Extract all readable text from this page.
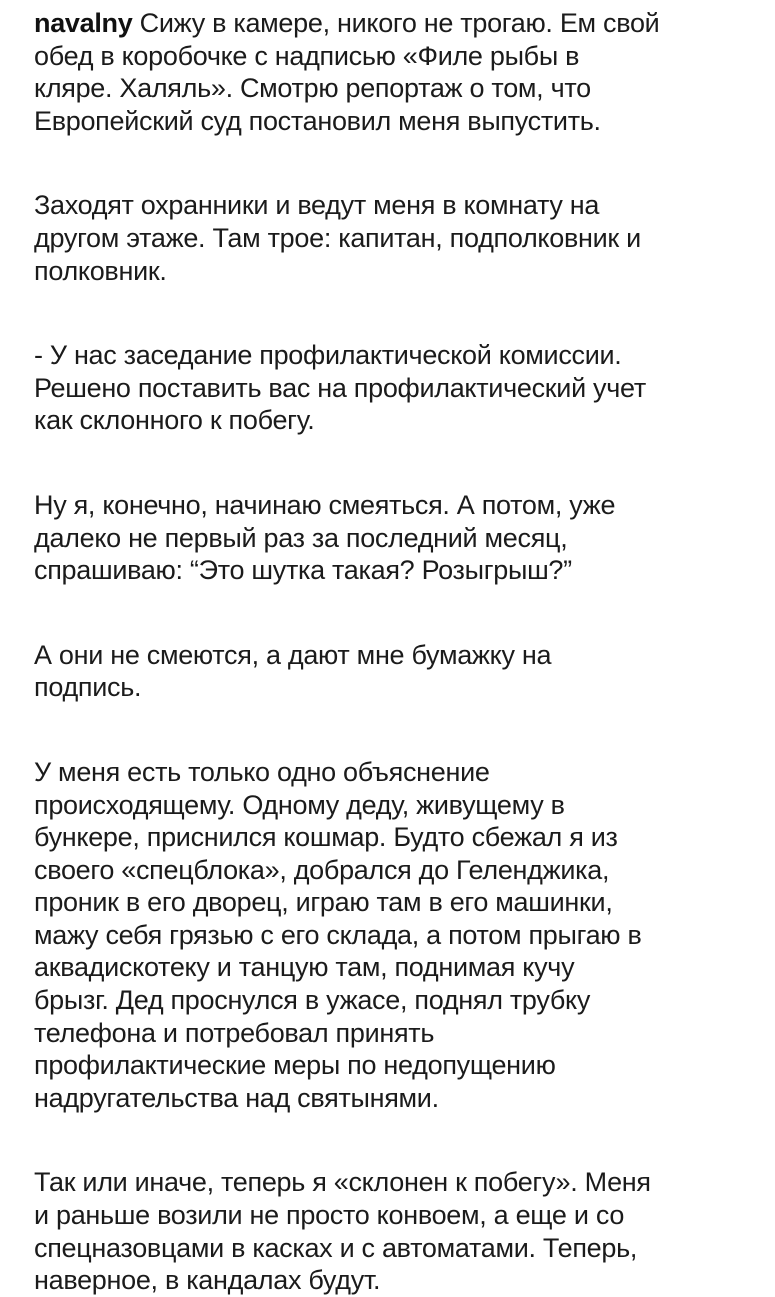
navalny Сижу в камере, никого не трогаю. Ем свой
обед в коробочке с надписью «Филе рыбы в
кляре. Халяль». Смотрю репортаж о том, что
Европейский суд постановил меня выпустить.

Заходят охранники и ведут меня в комнату на
другом этаже. Там трое: капитан, подполковник и
полковник.

- У нас заседание профилактической комиссии.
Решено поставить вас на профилактический учет
как склонного к побегу.

Ну я, конечно, начинаю смеяться. А потом, уже
далеко не первый раз за последний месяц,
спрашиваю: “Это шутка такая? Розыгрыш?”

А они не смеются, а дают мне бумажку на
подпись.

У меня есть только одно объяснение
происходящему. Одному деду, живущему в
бункере, приснился кошмар. Будто сбежал я из
своего «спецблока», добрался до Геленджика,
проник в его дворец, играю там в его машинки,
мажу себя грязью с его склада, а потом прыгаю в
аквадискотеку и танцую там, поднимая кучу
брызг. Дед проснулся в ужасе, поднял трубку
телефона и потребовал принять
профилактические меры по недопущению
надругательства над святынями.

Так или иначе, теперь я «склонен к побегу». Меня
и раньше возили не просто конвоем, а еще и со
спецназовцами в касках и с автоматами. Теперь,
наверное, в кандалах будут.
